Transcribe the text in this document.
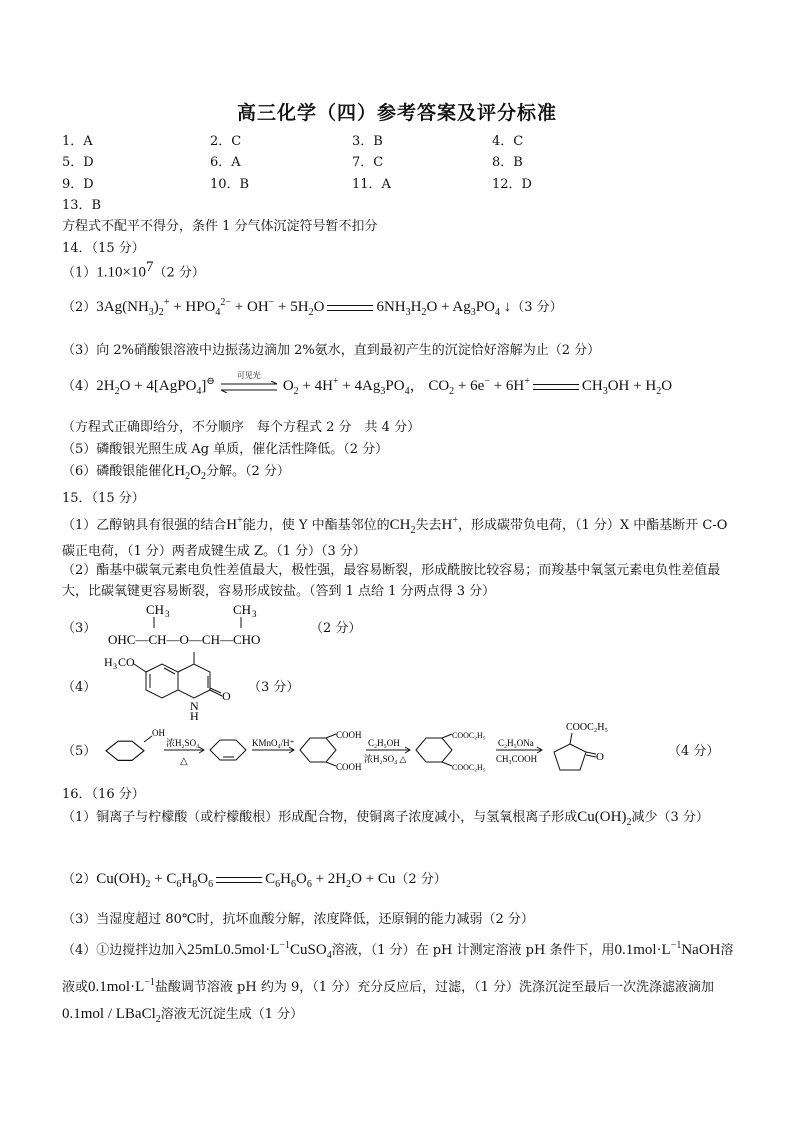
高三化学（四）参考答案及评分标准
1．A	2．C	3．B	4．C
5．D	6．A	7．C	8．B
9．D	10．B	11．A	12．D
13．B
方程式不配平不得分，条件 1 分气体沉淀符号暂不扣分
14．（15 分）
$(1)1.10\times 10^7(2$ 分）
$(2)3Ag(NH_3)_2^+ + HPO_4^{2-} + OH^- + 5H_2O$	$6NH_3H_2O + Ag_3PO_4$ ↓（3 分）
（3）向 2%硝酸银溶液中边振荡边滴加 2%氨水，直到最初产生的沉淀恰好溶解为止（2 分）
$(4)2H_2O$ + 4[AgPO$_4$]⊖
可见光
$O_2 + 4H^+ + 4Ag_3PO_4$， $CO_2 + 6e^- + 6H^+$	$CH_3OH + H_2O$
（方程式正确即给分，不分顺序　每个方程式 2 分　共 4 分）
（5）磷酸银光照生成 Ag 单质，催化活性降低。（2 分）
（6）磷酸银能催化$H_2O_2$分解。（2 分）
15．（15 分）
（1）乙醇钠具有很强的结合H+能力，使 Y 中酯基邻位的$CH_2$失去H+，形成碳带负电荷，（1 分）X 中酯基断开 C-O 碳正电荷，（1 分）两者成键生成 Z。（1 分）（3 分）
（2）酯基中碳氧元素电负性差值最大，极性强，最容易断裂，形成酰胺比较容易；而羧基中氧氢元素电负性差值最大，比碳氧键更容易断裂，容易形成铵盐。（答到 1 点给 1 分两点得 3 分）
（3）
CH 3	CH 3
OHC—CH—O—CH—CHO
（2 分）
（4）
H 3 CO
O
N
H
（3 分）
（5）
OH
浓H₂SO₄
△
KMnO₄/H⁺
COOH
COOH
C₂H₅OH
浓H₂SO₄ △
COOC₂H₅
COOC₂H₅
C₂H₅ONa
CH₃COOH
COOC₂H₅
O	（4 分）
16．（16 分）
（1）铜离子与柠檬酸（或柠檬酸根）形成配合物，使铜离子浓度减小，与氢氧根离子形成$Cu(OH)_2$减少（3 分）
$(2)Cu(OH)_2 + C_6H_8O_6$	$C_6H_6O_6 + 2H_2O + Cu(2$ 分）
（3）当湿度超过 80℃时，抗坏血酸分解，浓度降低，还原铜的能力减弱（2 分）
（4）①边搅拌边加入$25mL0.5mol\cdot L^{-1}CuSO_4$溶液，（1 分）在 pH 计测定溶液 pH 条件下，用$0.1mol\cdot L^{-1}NaOH$溶液或$0.1mol\cdot L^{-1}$盐酸调节溶液 pH 约为 9，（1 分）充分反应后，过滤，（1 分）洗涤沉淀至最后一次洗涤滤液滴加0.1mol / LBaCl$_2$溶液无沉淀生成（1 分）
